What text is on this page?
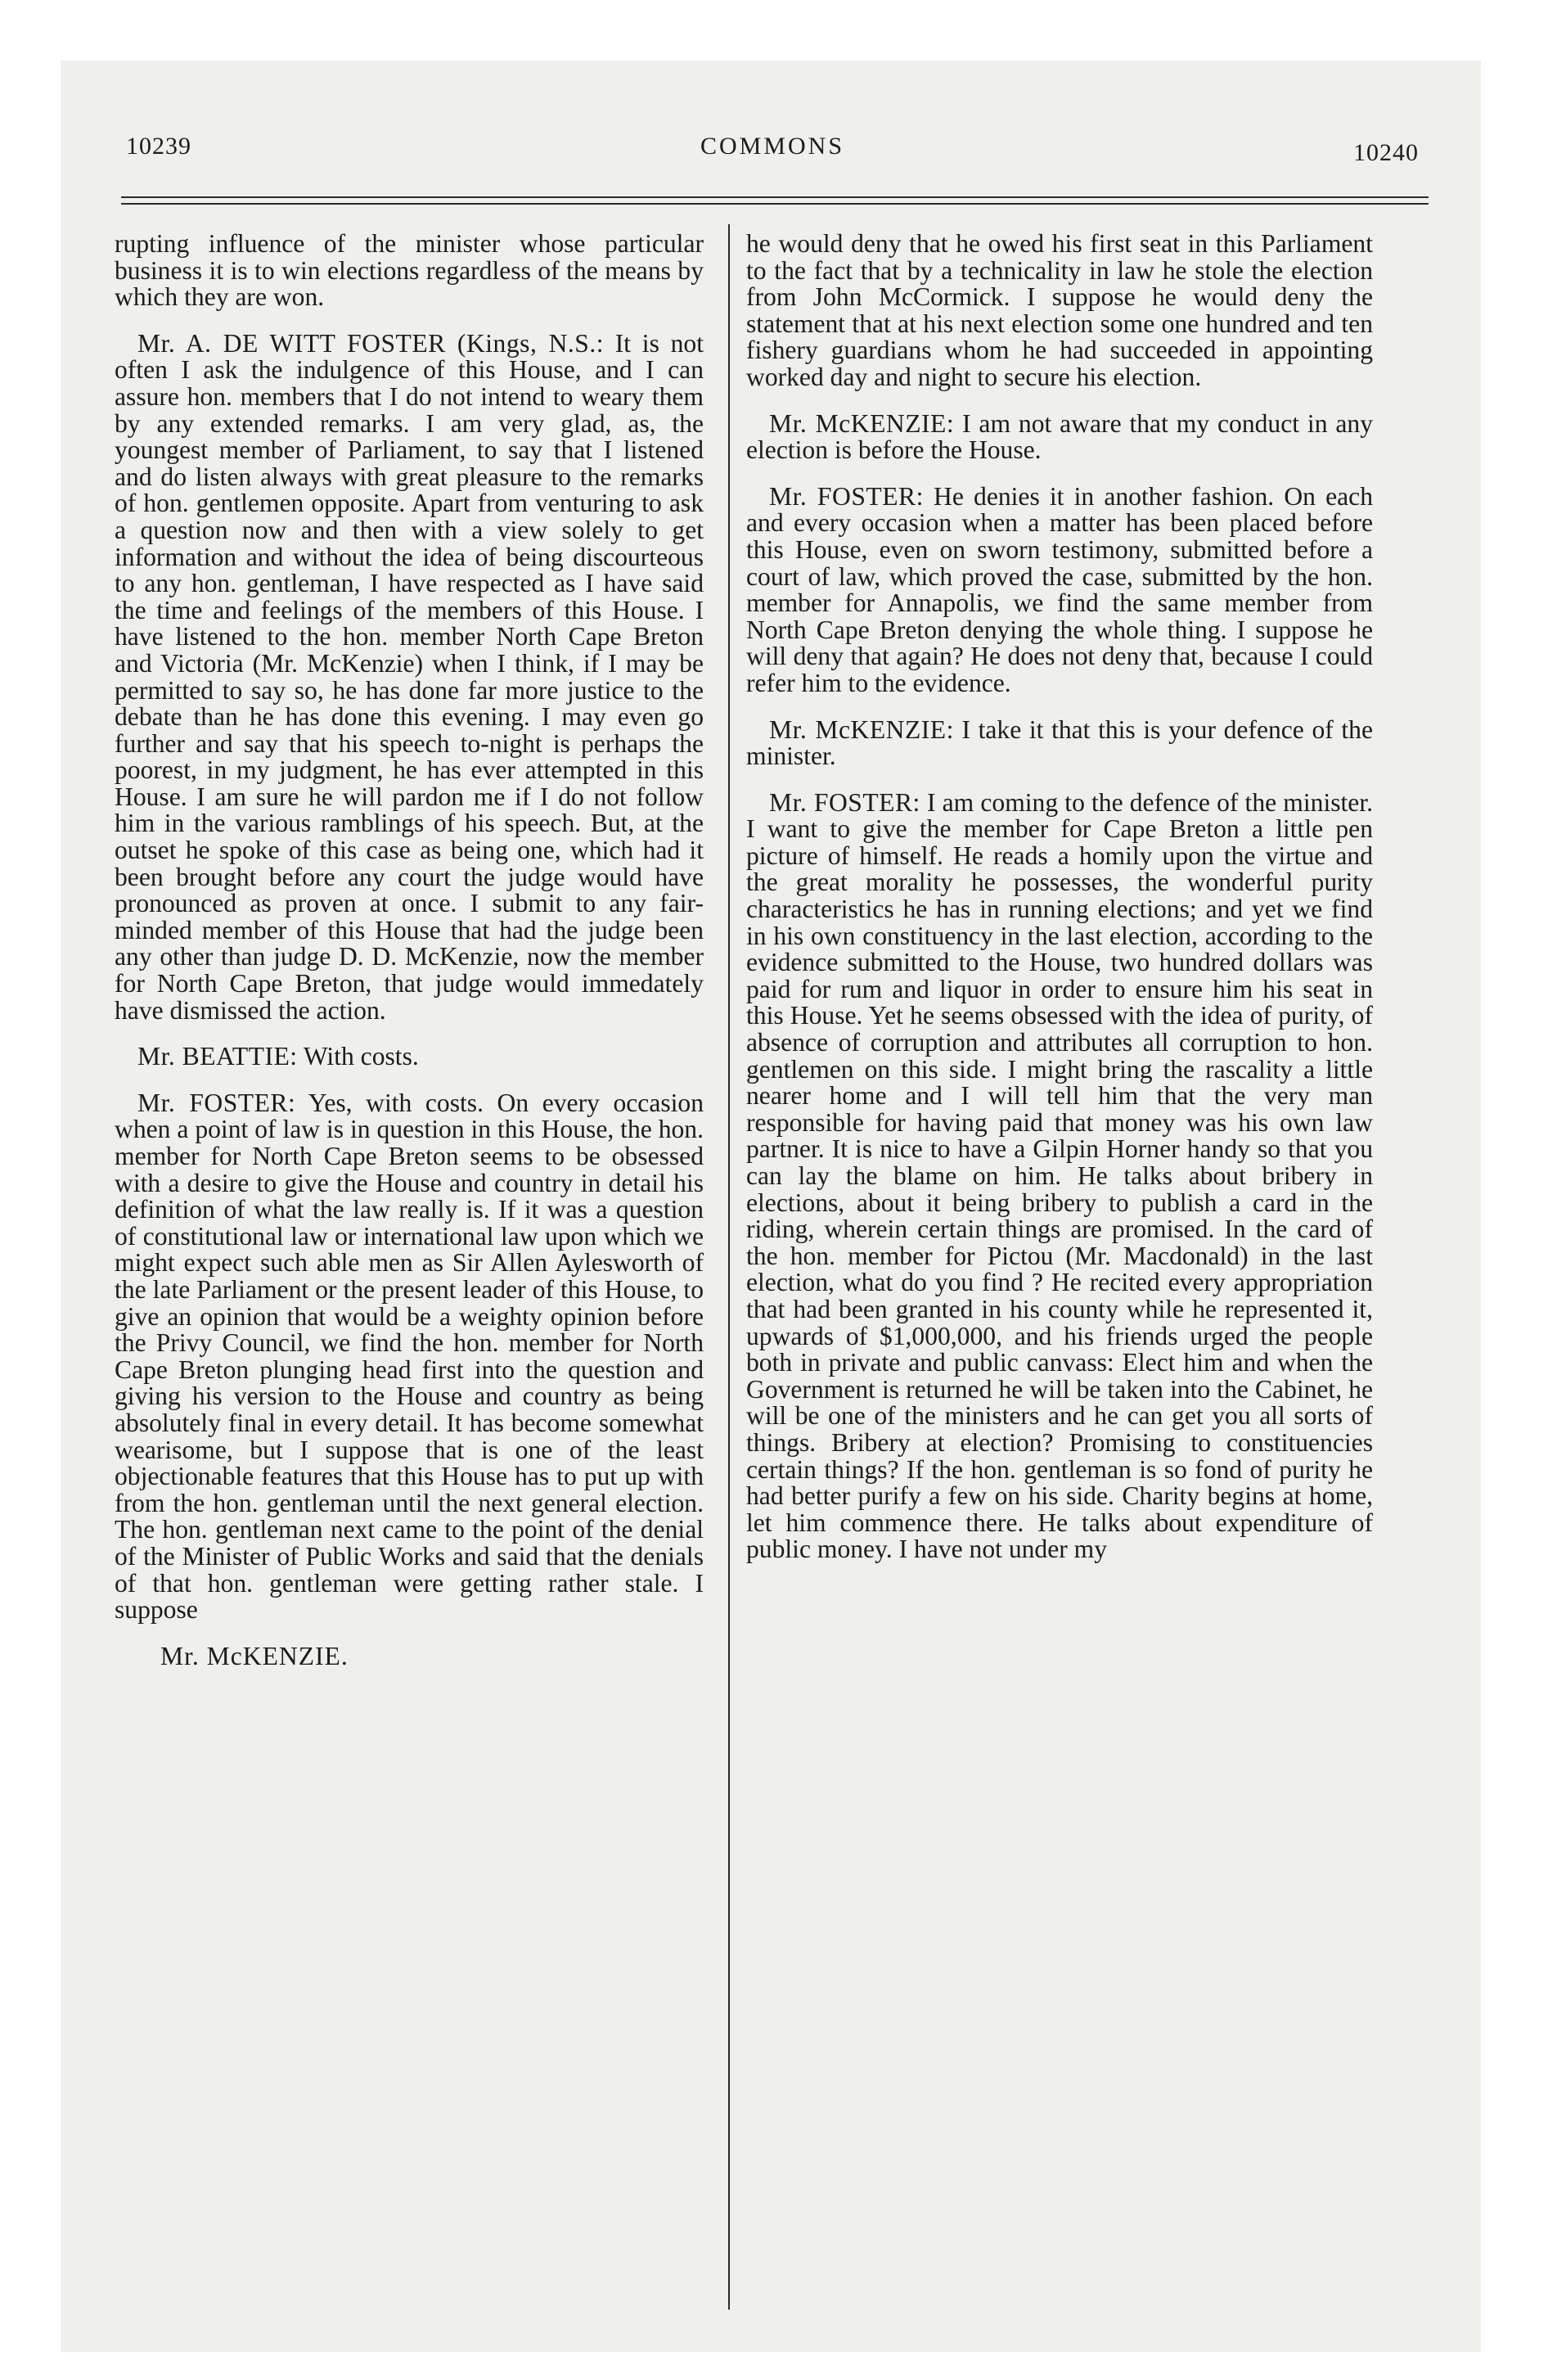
10239	COMMONS	10240

rupting influence of the minister whose particular business it is to win elections regardless of the means by which they are won.

Mr. A. DE WITT FOSTER (Kings, N.S.: It is not often I ask the indulgence of this House, and I can assure hon. members that I do not intend to weary them by any extended remarks. I am very glad, as, the youngest member of Parliament, to say that I listened and do listen always with great pleasure to the remarks of hon. gentlemen opposite. Apart from venturing to ask a question now and then with a view solely to get information and without the idea of being discourteous to any hon. gentleman, I have respected as I have said the time and feelings of the members of this House. I have listened to the hon. member North Cape Breton and Victoria (Mr. McKenzie) when I think, if I may be permitted to say so, he has done far more justice to the debate than he has done this evening. I may even go further and say that his speech to-night is perhaps the poorest, in my judgment, he has ever attempted in this House. I am sure he will pardon me if I do not follow him in the various ramblings of his speech. But, at the outset he spoke of this case as being one, which had it been brought before any court the judge would have pronounced as proven at once. I submit to any fair-minded member of this House that had the judge been any other than judge D. D. McKenzie, now the member for North Cape Breton, that judge would immedately have dismissed the action.

Mr. BEATTIE: With costs.

Mr. FOSTER: Yes, with costs. On every occasion when a point of law is in question in this House, the hon. member for North Cape Breton seems to be obsessed with a desire to give the House and country in detail his definition of what the law really is. If it was a question of constitutional law or international law upon which we might expect such able men as Sir Allen Aylesworth of the late Parliament or the present leader of this House, to give an opinion that would be a weighty opinion before the Privy Council, we find the hon. member for North Cape Breton plunging head first into the question and giving his version to the House and country as being absolutely final in every detail. It has become somewhat wearisome, but I suppose that is one of the least objectionable features that this House has to put up with from the hon. gentleman until the next general election. The hon. gentleman next came to the point of the denial of the Minister of Public Works and said that the denials of that hon. gentleman were getting rather stale. I suppose

Mr. McKENZIE.

he would deny that he owed his first seat in this Parliament to the fact that by a technicality in law he stole the election from John McCormick. I suppose he would deny the statement that at his next election some one hundred and ten fishery guardians whom he had succeeded in appointing worked day and night to secure his election.

Mr. McKENZIE: I am not aware that my conduct in any election is before the House.

Mr. FOSTER: He denies it in another fashion. On each and every occasion when a matter has been placed before this House, even on sworn testimony, submitted before a court of law, which proved the case, submitted by the hon. member for Annapolis, we find the same member from North Cape Breton denying the whole thing. I suppose he will deny that again? He does not deny that, because I could refer him to the evidence.

Mr. McKENZIE: I take it that this is your defence of the minister.

Mr. FOSTER: I am coming to the defence of the minister. I want to give the member for Cape Breton a little pen picture of himself. He reads a homily upon the virtue and the great morality he possesses, the wonderful purity characteristics he has in running elections; and yet we find in his own constituency in the last election, according to the evidence submitted to the House, two hundred dollars was paid for rum and liquor in order to ensure him his seat in this House. Yet he seems obsessed with the idea of purity, of absence of corruption and attributes all corruption to hon. gentlemen on this side. I might bring the rascality a little nearer home and I will tell him that the very man responsible for having paid that money was his own law partner. It is nice to have a Gilpin Horner handy so that you can lay the blame on him. He talks about bribery in elections, about it being bribery to publish a card in the riding, wherein certain things are promised. In the card of the hon. member for Pictou (Mr. Macdonald) in the last election, what do you find ? He recited every appropriation that had been granted in his county while he represented it, upwards of $1,000,000, and his friends urged the people both in private and public canvass: Elect him and when the Government is returned he will be taken into the Cabinet, he will be one of the ministers and he can get you all sorts of things. Bribery at election? Promising to constituencies certain things? If the hon. gentleman is so fond of purity he had better purify a few on his side. Charity begins at home, let him commence there. He talks about expenditure of public money. I have not under my
